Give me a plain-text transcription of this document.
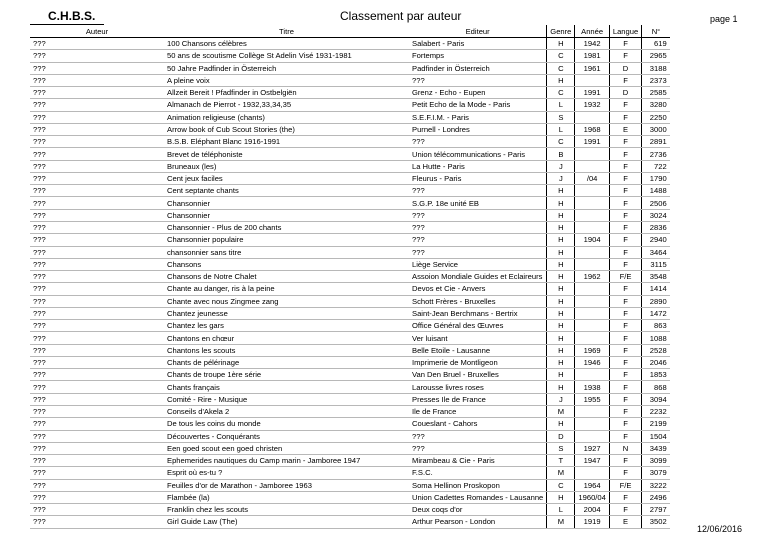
C.H.B.S.	Classement par auteur	page 1
Auteur	Titre	Editeur	Genre	Année	Langue	N°
???	100 Chansons célèbres	Salabert - Paris	H	1942	F	619
???	50 ans de scoutisme Collège St Adelin Visé 1931-1981	Fortemps	C	1981	F	2965
???	50 Jahre Padfinder in Österreich	Padfinder in Österreich	C	1961	D	3188
???	A pleine voix	???	H		F	2373
???	Allzeit Bereit ! Pfadfinder in Ostbelgiën	Grenz - Echo - Eupen	C	1991	D	2585
???	Almanach de Pierrot - 1932,33,34,35	Petit Echo de la Mode - Paris	L	1932	F	3280
???	Animation religieuse (chants)	S.E.F.I.M. - Paris	S		F	2250
???	Arrow book of Cub Scout Stories (the)	Purnell - Londres	L	1968	E	3000
???	B.S.B. Eléphant Blanc 1916-1991	???	C	1991	F	2891
???	Brevet de téléphoniste	Union télécommunications - Paris	B		F	2736
???	Bruneaux (les)	La Hutte - Paris	J		F	722
???	Cent jeux faciles	Fleurus - Paris	J	/04	F	1790
???	Cent septante chants	???	H		F	1488
???	Chansonnier	S.G.P. 18e unité EB	H		F	2506
???	Chansonnier	???	H		F	3024
???	Chansonnier - Plus de 200 chants	???	H		F	2836
???	Chansonnier populaire	???	H	1904	F	2940
???	chansonnier sans titre	???	H		F	3464
???	Chansons	Liège Service	H		F	3115
???	Chansons de Notre Chalet	Assoion Mondiale Guides et Eclaireurs	H	1962	F/E	3548
???	Chante au danger, ris à la peine	Devos et Cie - Anvers	H		F	1414
???	Chante avec nous Zingmee zang	Schott Frères - Bruxelles	H		F	2890
???	Chantez jeunesse	Saint-Jean Berchmans - Bertrix	H		F	1472
???	Chantez les gars	Office Général des Œuvres	H		F	863
???	Chantons en chœur	Ver luisant	H		F	1088
???	Chantons les scouts	Belle Etoile - Lausanne	H	1969	F	2528
???	Chants de pélérinage	Imprimerie de Montligeon	H	1946	F	2046
???	Chants de troupe 1ère série	Van Den Bruel - Bruxelles	H		F	1853
???	Chants français	Larousse livres roses	H	1938	F	868
???	Comité - Rire - Musique	Presses Ile de France	J	1955	F	3094
???	Conseils d'Akela 2	Ile de France	M		F	2232
???	De tous les coins du monde	Coueslant - Cahors	H		F	2199
???	Découvertes - Conquérants	???	D		F	1504
???	Een goed scout een goed christen	???	S	1927	N	3439
???	Ephemerides nautiques du Camp marin - Jamboree 1947	Mirambeau & Cie - Paris	T	1947	F	3099
???	Esprit où es-tu ?	F.S.C.	M		F	3079
???	Feuilles d'or de Marathon - Jamboree 1963	Soma Hellinon Proskopon	C	1964	F/E	3222
???	Flambée (la)	Union Cadettes Romandes - Lausanne	H	1960/04	F	2496
???	Franklin chez les scouts	Deux coqs d'or	L	2004	F	2797
???	Girl Guide Law (The)	Arthur Pearson - London	M	1919	E	3502
12/06/2016
